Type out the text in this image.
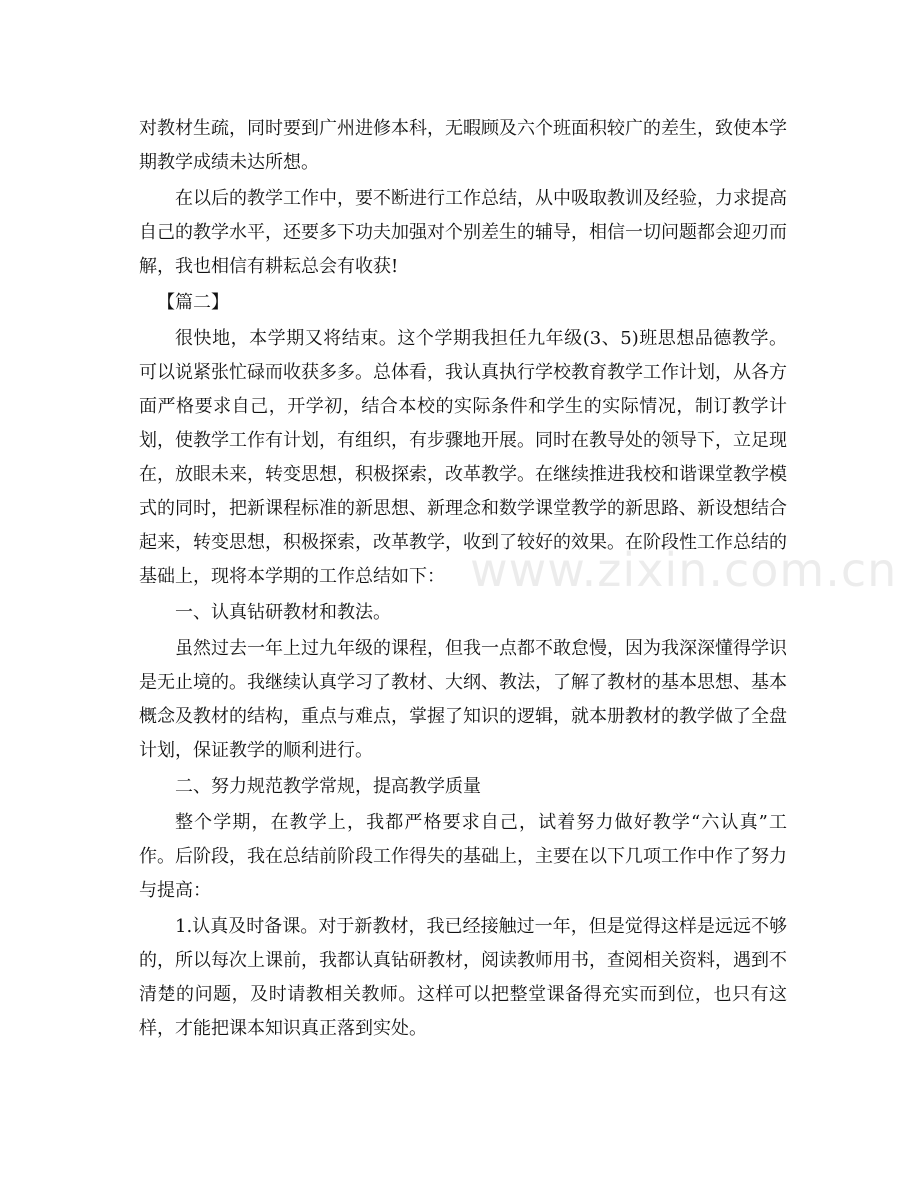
对教材生疏，同时要到广州进修本科，无暇顾及六个班面积较广的差生，致使本学期教学成绩未达所想。

在以后的教学工作中，要不断进行工作总结，从中吸取教训及经验，力求提高自己的教学水平，还要多下功夫加强对个别差生的辅导，相信一切问题都会迎刃而解，我也相信有耕耘总会有收获!

【篇二】

很快地，本学期又将结束。这个学期我担任九年级(3、5)班思想品德教学。可以说紧张忙碌而收获多多。总体看，我认真执行学校教育教学工作计划，从各方面严格要求自己，开学初，结合本校的实际条件和学生的实际情况，制订教学计划，使教学工作有计划，有组织，有步骤地开展。同时在教导处的领导下，立足现在，放眼未来，转变思想，积极探索，改革教学。在继续推进我校和谐课堂教学模式的同时，把新课程标准的新思想、新理念和数学课堂教学的新思路、新设想结合起来，转变思想，积极探索，改革教学，收到了较好的效果。在阶段性工作总结的基础上，现将本学期的工作总结如下：

一、认真钻研教材和教法。

虽然过去一年上过九年级的课程，但我一点都不敢怠慢，因为我深深懂得学识是无止境的。我继续认真学习了教材、大纲、教法，了解了教材的基本思想、基本概念及教材的结构，重点与难点，掌握了知识的逻辑，就本册教材的教学做了全盘计划，保证教学的顺利进行。

二、努力规范教学常规，提高教学质量

整个学期，在教学上，我都严格要求自己，试着努力做好教学“六认真”工作。后阶段，我在总结前阶段工作得失的基础上，主要在以下几项工作中作了努力与提高：

1.认真及时备课。对于新教材，我已经接触过一年，但是觉得这样是远远不够的，所以每次上课前，我都认真钻研教材，阅读教师用书，查阅相关资料，遇到不清楚的问题，及时请教相关教师。这样可以把整堂课备得充实而到位，也只有这样，才能把课本知识真正落到实处。

www.zixin.com.cn
